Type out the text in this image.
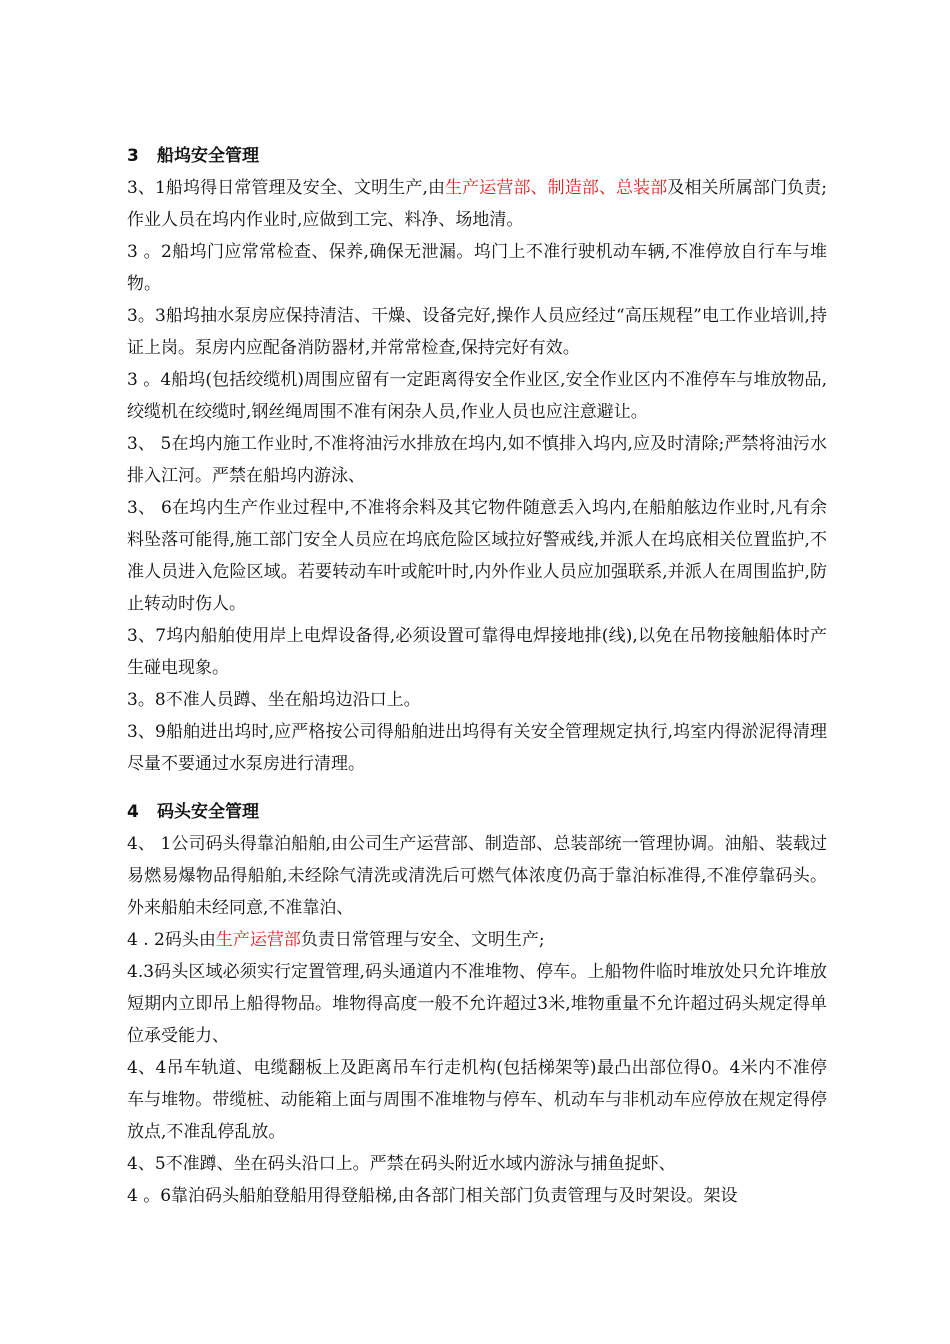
3 船坞安全管理

3、1船坞得日常管理及安全、文明生产,由生产运营部、制造部、总装部及相关所属部门负责;作业人员在坞内作业时,应做到工完、料净、场地清。

3 。2船坞门应常常检查、保养,确保无泄漏。坞门上不准行驶机动车辆,不准停放自行车与堆物。

3。3船坞抽水泵房应保持清洁、干燥、设备完好,操作人员应经过“高压规程”电工作业培训,持证上岗。泵房内应配备消防器材,并常常检查,保持完好有效。

3 。4船坞(包括绞缆机)周围应留有一定距离得安全作业区,安全作业区内不准停车与堆放物品,绞缆机在绞缆时,钢丝绳周围不准有闲杂人员,作业人员也应注意避让。

3、 5在坞内施工作业时,不准将油污水排放在坞内,如不慎排入坞内,应及时清除;严禁将油污水排入江河。严禁在船坞内游泳、

3、 6在坞内生产作业过程中,不准将余料及其它物件随意丢入坞内,在船舶舷边作业时,凡有余料坠落可能得,施工部门安全人员应在坞底危险区域拉好警戒线,并派人在坞底相关位置监护,不准人员进入危险区域。若要转动车叶或舵叶时,内外作业人员应加强联系,并派人在周围监护,防止转动时伤人。

3、7坞内船舶使用岸上电焊设备得,必须设置可靠得电焊接地排(线),以免在吊物接触船体时产生碰电现象。

3。8不准人员蹲、坐在船坞边沿口上。

3、9船舶进出坞时,应严格按公司得船舶进出坞得有关安全管理规定执行,坞室内得淤泥得清理尽量不要通过水泵房进行清理。

4 码头安全管理

4、 1公司码头得靠泊船舶,由公司生产运营部、制造部、总装部统一管理协调。油船、装载过易燃易爆物品得船舶,未经除气清洗或清洗后可燃气体浓度仍高于靠泊标准得,不准停靠码头。外来船舶未经同意,不准靠泊、

4 . 2码头由生产运营部负责日常管理与安全、文明生产;

4.3码头区域必须实行定置管理,码头通道内不准堆物、停车。上船物件临时堆放处只允许堆放短期内立即吊上船得物品。堆物得高度一般不允许超过3米,堆物重量不允许超过码头规定得单位承受能力、

4、4吊车轨道、电缆翻板上及距离吊车行走机构(包括梯架等)最凸出部位得0。4米内不准停车与堆物。带缆桩、动能箱上面与周围不准堆物与停车、机动车与非机动车应停放在规定得停放点,不准乱停乱放。

4、5不准蹲、坐在码头沿口上。严禁在码头附近水域内游泳与捕鱼捉虾、

4 。6靠泊码头船舶登船用得登船梯,由各部门相关部门负责管理与及时架设。架设
